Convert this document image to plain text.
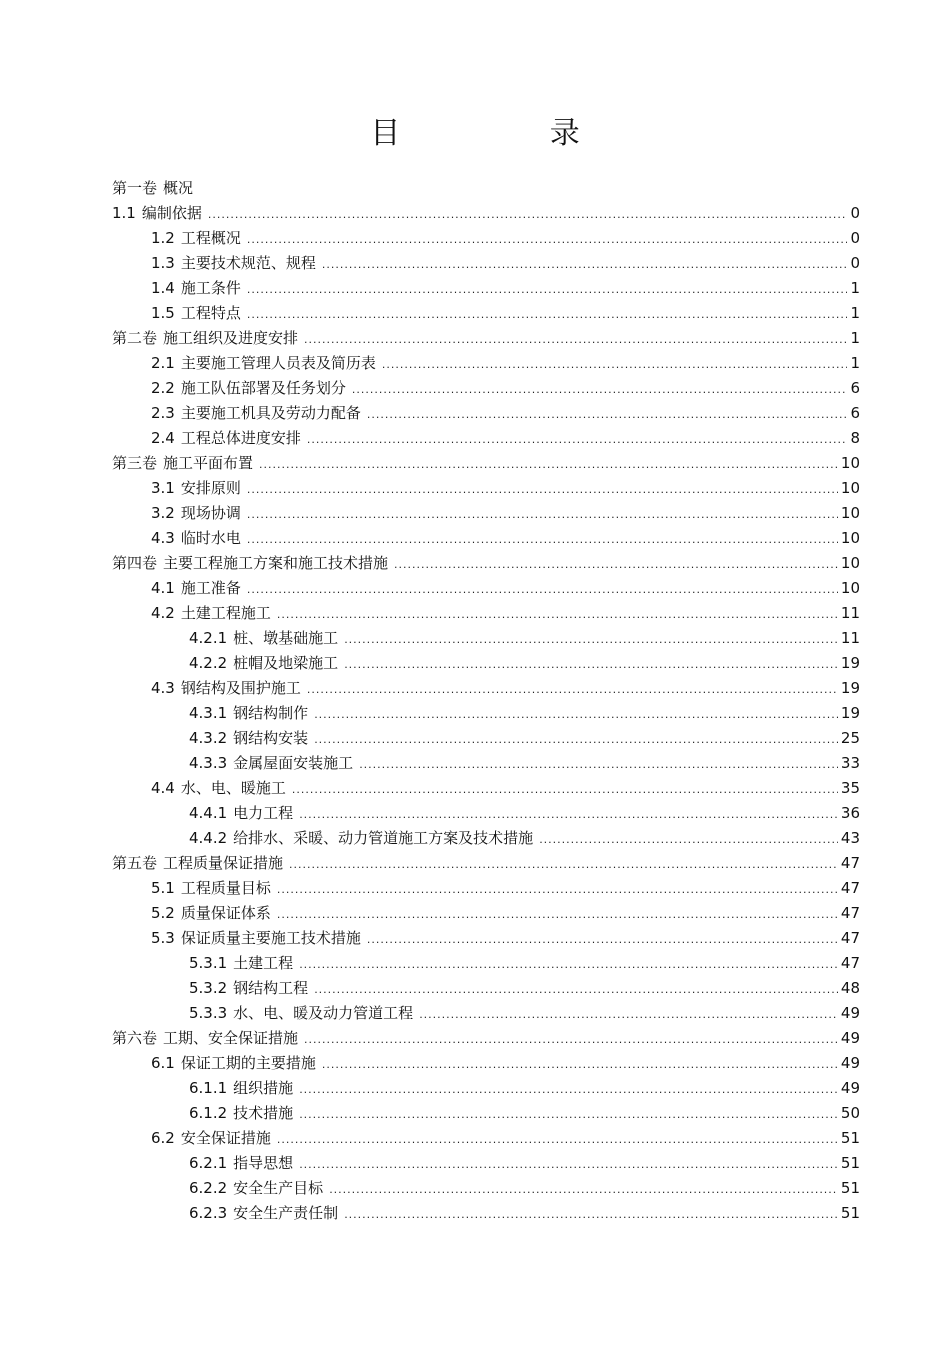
目 录
第一卷 概况
1.1 编制依据 .....	0
1.2 工程概况 .....	0
1.3 主要技术规范、规程 .....	0
1.4 施工条件 .....	1
1.5 工程特点 .....	1
第二卷 施工组织及进度安排 .....	1
2.1 主要施工管理人员表及简历表 .....	1
2.2 施工队伍部署及任务划分 .....	6
2.3 主要施工机具及劳动力配备 .....	6
2.4 工程总体进度安排 .....	8
第三卷 施工平面布置 .....	10
3.1 安排原则 .....	10
3.2 现场协调 .....	10
4.3 临时水电 .....	10
第四卷 主要工程施工方案和施工技术措施 .....	10
4.1 施工准备 .....	10
4.2 土建工程施工 .....	11
4.2.1 桩、墩基础施工 .....	11
4.2.2 桩帽及地梁施工 .....	19
4.3 钢结构及围护施工 .....	19
4.3.1 钢结构制作 .....	19
4.3.2 钢结构安装 .....	25
4.3.3 金属屋面安装施工 .....	33
4.4 水、电、暖施工 .....	35
4.4.1 电力工程 .....	36
4.4.2 给排水、采暖、动力管道施工方案及技术措施 .....	43
第五卷 工程质量保证措施 .....	47
5.1 工程质量目标 .....	47
5.2 质量保证体系 .....	47
5.3 保证质量主要施工技术措施 .....	47
5.3.1 土建工程 .....	47
5.3.2 钢结构工程 .....	48
5.3.3 水、电、暖及动力管道工程 .....	49
第六卷 工期、安全保证措施 .....	49
6.1 保证工期的主要措施 .....	49
6.1.1 组织措施 .....	49
6.1.2 技术措施 .....	50
6.2 安全保证措施 .....	51
6.2.1 指导思想 .....	51
6.2.2 安全生产目标 .....	51
6.2.3 安全生产责任制 .....	51
